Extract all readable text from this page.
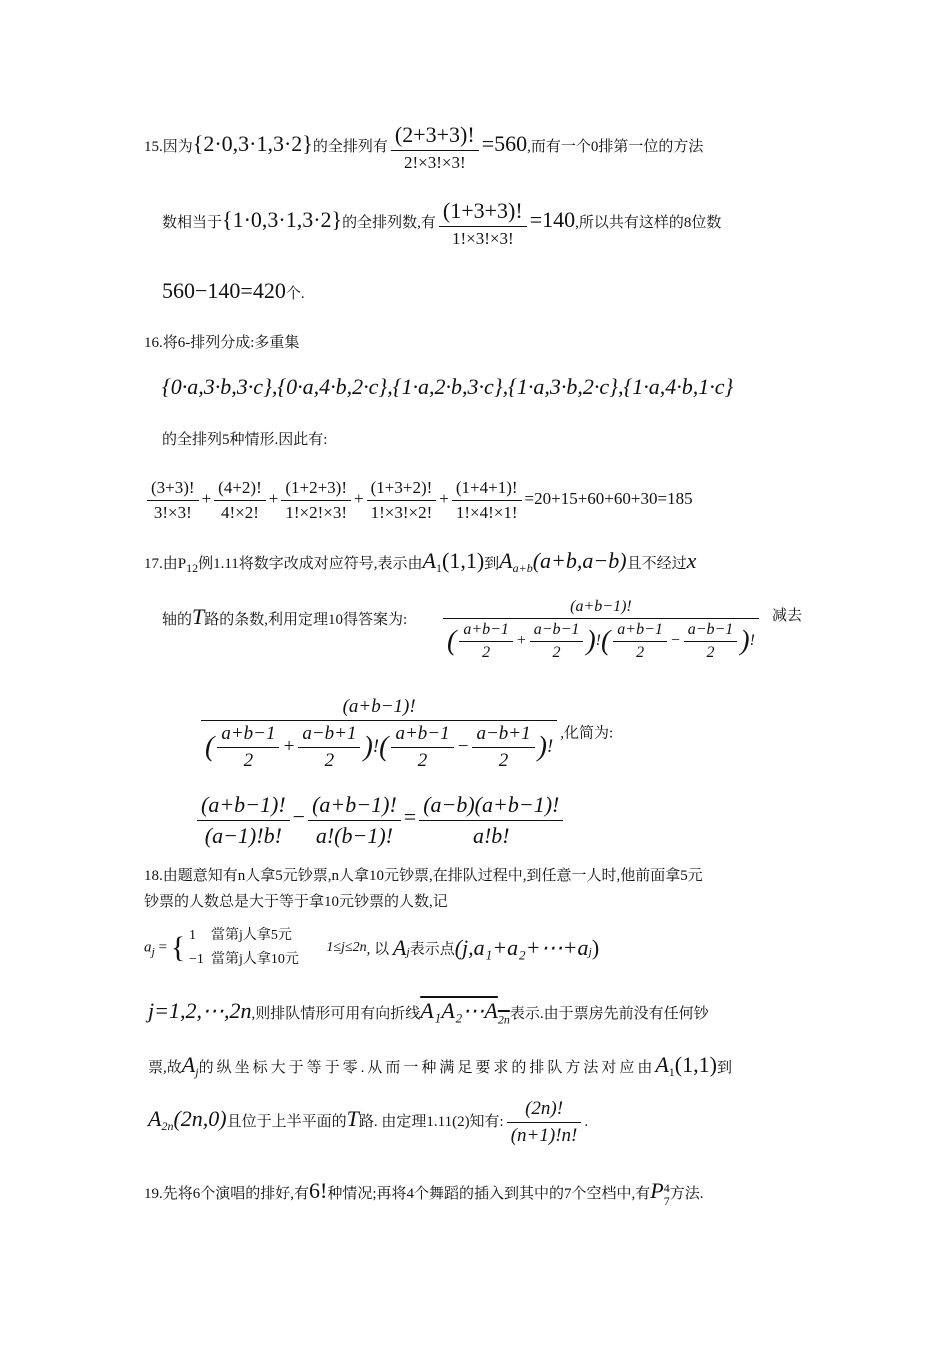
15.因为{2·0,3·1,3·2}的全排列有 $\frac{(2+3+3)!}{2!\times 3!\times 3!} =560$,而有一个0排第一位的方法
数相当于{1·0,3·1,3·2}的全排列数,有 $\frac{(1+3+3)!}{1!\times 3!\times 3!} =140$,所以共有这样的8位数
560−140=420个.
16.将6-排列分成:多重集
{0·a,3·b,3·c},{0·a,4·b,2·c},{1·a,2·b,3·c},{1·a,3·b,2·c},{1·a,4·b,1·c}
的全排列5种情形.因此有:
$\frac{(3+3)!}{3!\times 3!} + \frac{(4+2)!}{4!\times 2!} + \frac{(1+2+3)!}{1!\times 2!\times 3!} + \frac{(1+3+2)!}{1!\times 3!\times 2!} + \frac{(1+4+1)!}{1!\times 4!\times 1!} =20+15+60+60+30=185$
17.由$P_{12}$例1.11将数字改成对应符号,表示由$A_1(1,1)$到$A_{a+b}(a+b,a-b)$且不经过x
轴的T路的条数,利用定理10得答案为: $\frac{(a+b-1)!}{( \frac{a+b-1}{2} + \frac{a-b-1}{2} )!( \frac{a+b-1}{2} - \frac{a-b-1}{2} )!}$ 减去
$\frac{(a+b-1)!}{( \frac{a+b-1}{2} + \frac{a-b+1}{2} )!( \frac{a+b-1}{2} - \frac{a-b+1}{2} )!}$ ,化简为:
$\frac{(a+b-1)!}{(a-1)!b!} - \frac{(a+b-1)!}{a!(b-1)!} = \frac{(a-b)(a+b-1)!}{a!b!}$
18.由题意知有n人拿5元钞票,n人拿10元钞票,在排队过程中,到任意一人时,他前面拿5元
钞票的人数总是大于等于拿10元钞票的人数,记
$a_j$ = { 1 當第j人拿5元
−1 當第j人拿10元
1≤j≤2n, 以 $A_j$表示点$(j,a_1+a_2+\cdots+a_j)$
j=1,2,⋯,2n,则排队情形可用有向折线$A_1A_2\cdots A_{2n}$表示.由于票房先前没有任何钞
票,故$A_j$的纵坐标大于等于零.从而一种满足要求的排队方法对应由$A_1(1,1)$到
$A_{2n}(2n,0)$且位于上半平面的T路. 由定理1.11(2)知有: $\frac{(2n)!}{(n+1)!n!}$ .
19.先将6个演唱的排好,有6!种情况;再将4个舞蹈的插入到其中的7个空档中,有P 4
7 方法.
